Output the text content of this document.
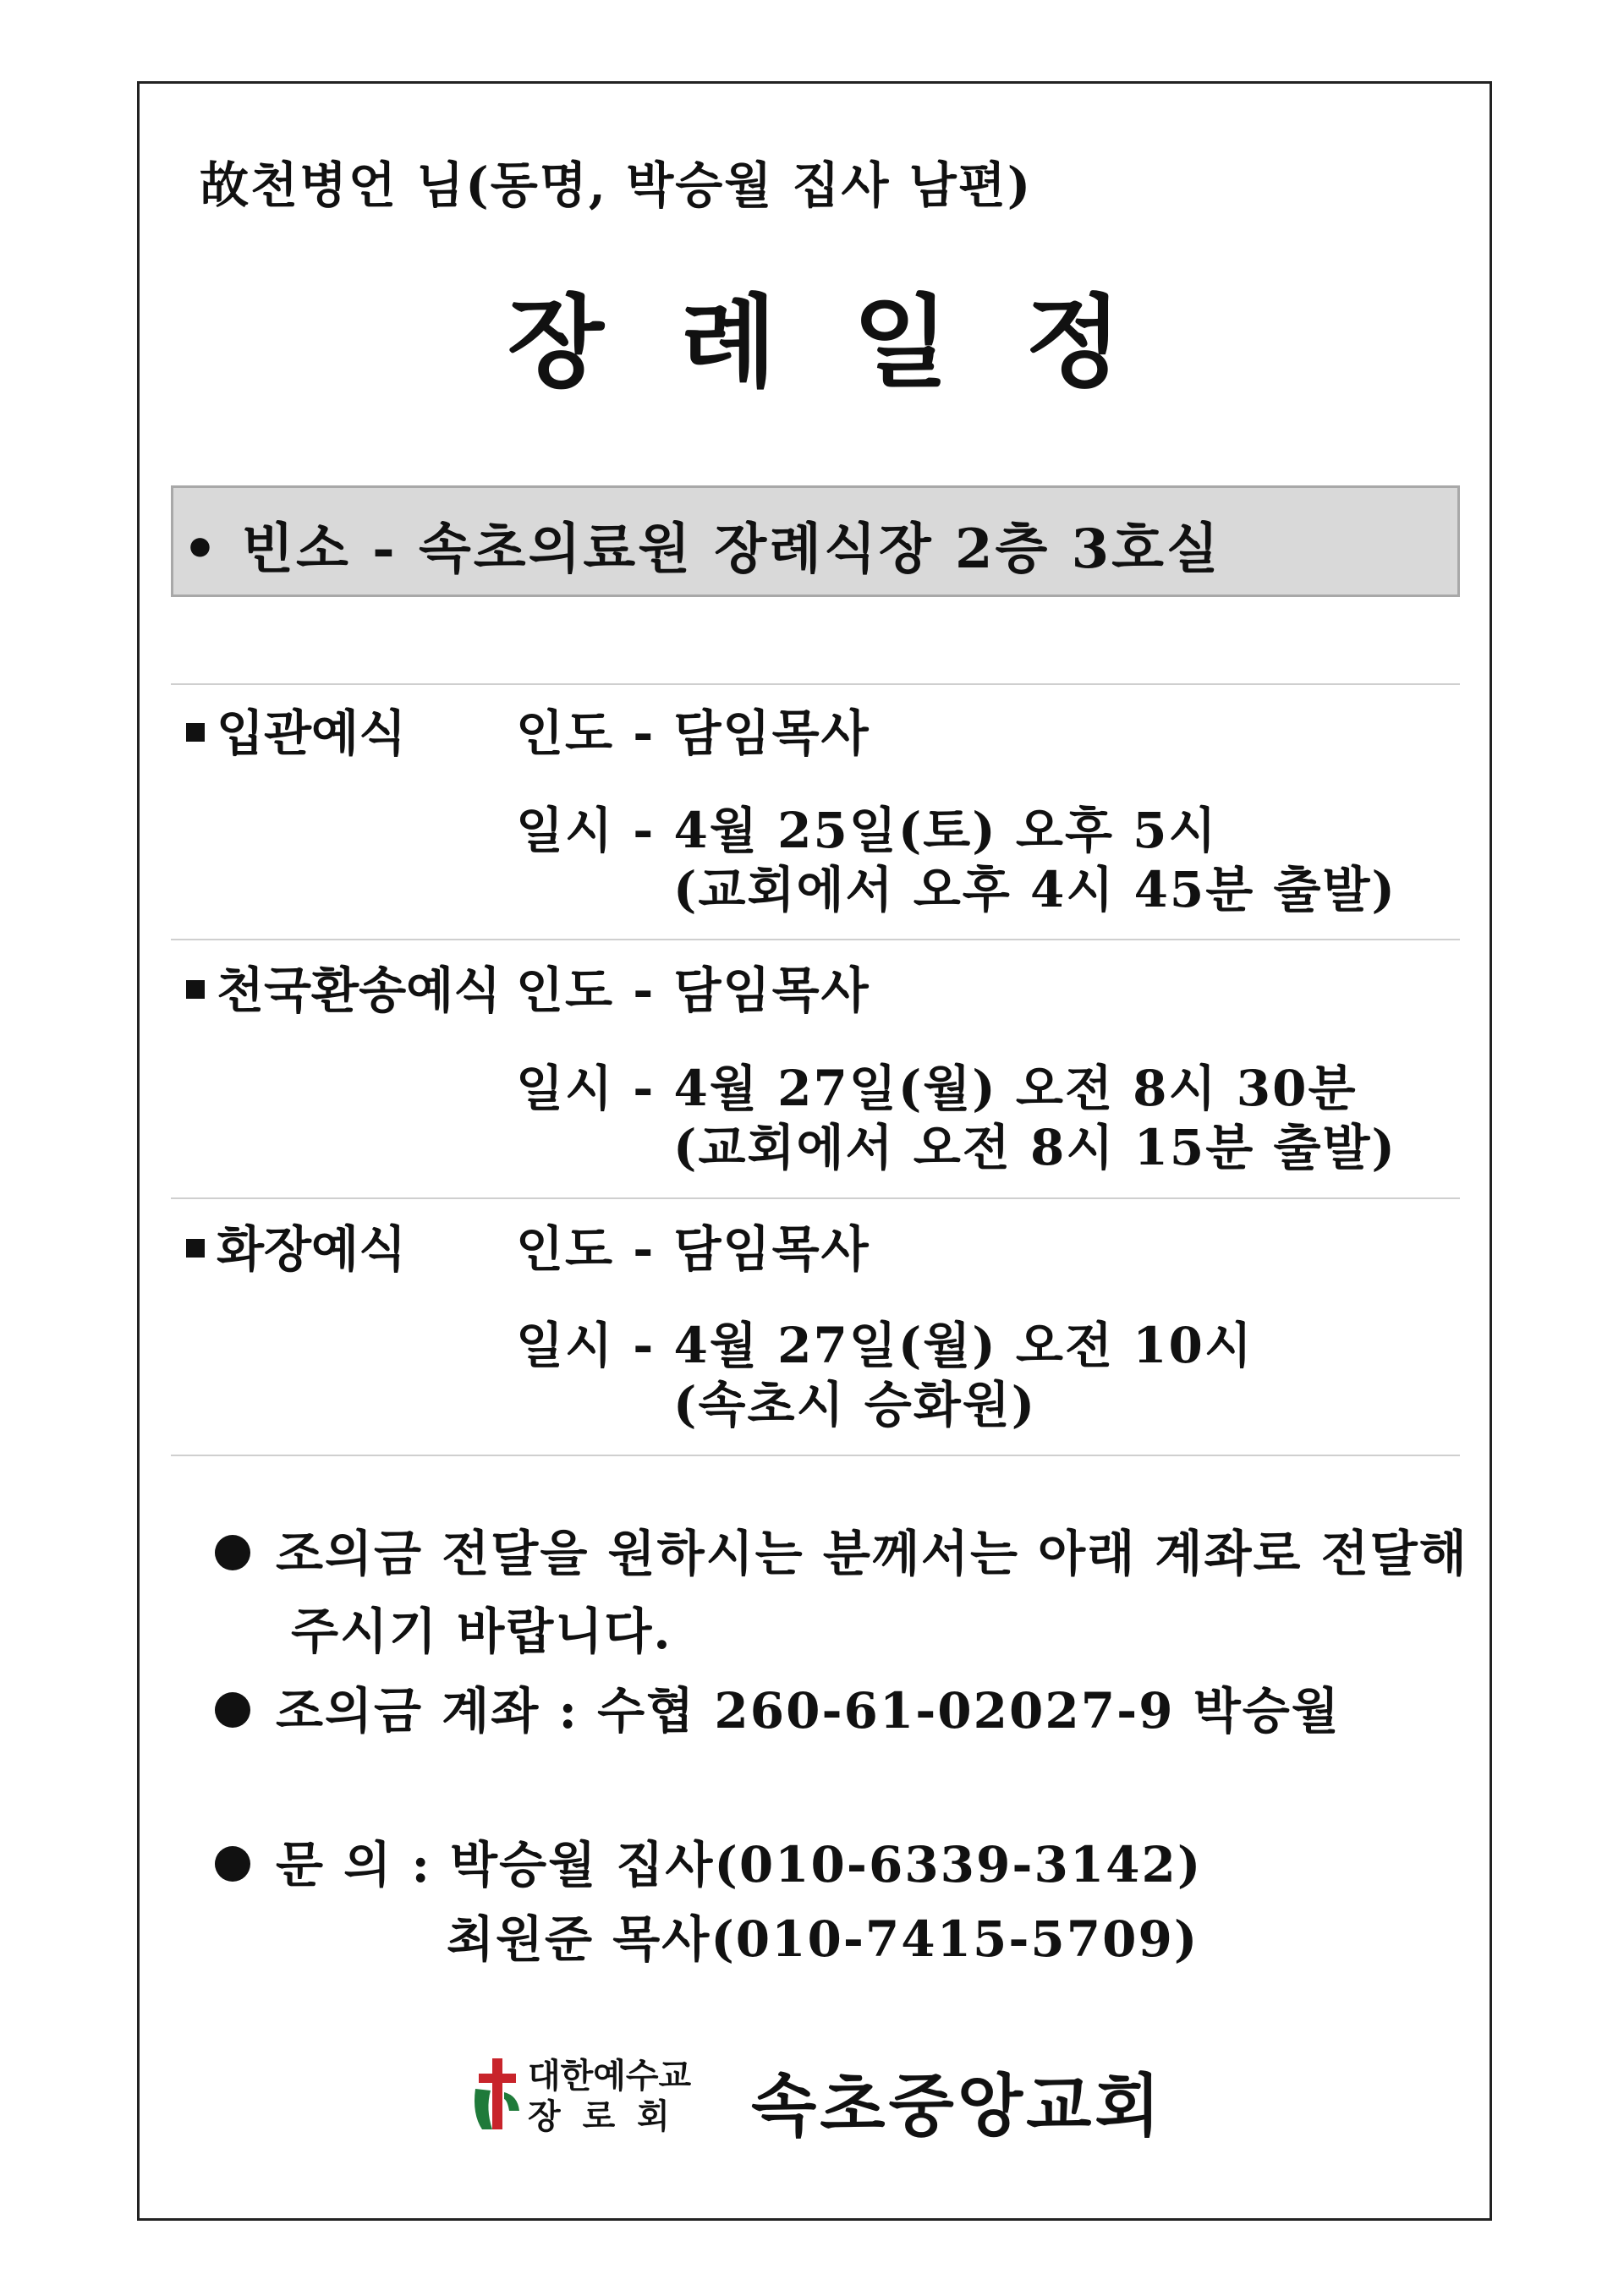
故천병언 님(동명, 박승월 집사 남편)
장례일정
• 빈소 - 속초의료원 장례식장 2층 3호실
입관예식 인도 - 담임목사
일시 - 4월 25일(토) 오후 5시
(교회에서 오후 4시 45분 출발)
천국환송예식 인도 - 담임목사
일시 - 4월 27일(월) 오전 8시 30분
(교회에서 오전 8시 15분 출발)
화장예식 인도 - 담임목사
일시 - 4월 27일(월) 오전 10시
(속초시 승화원)
조의금 전달을 원하시는 분께서는 아래 계좌로 전달해
주시기 바랍니다.
조의금 계좌 : 수협 260-61-02027-9 박승월
문 의 : 박승월 집사(010-6339-3142)
최원준 목사(010-7415-5709)
대한예수교
장 로 회 속초중앙교회
